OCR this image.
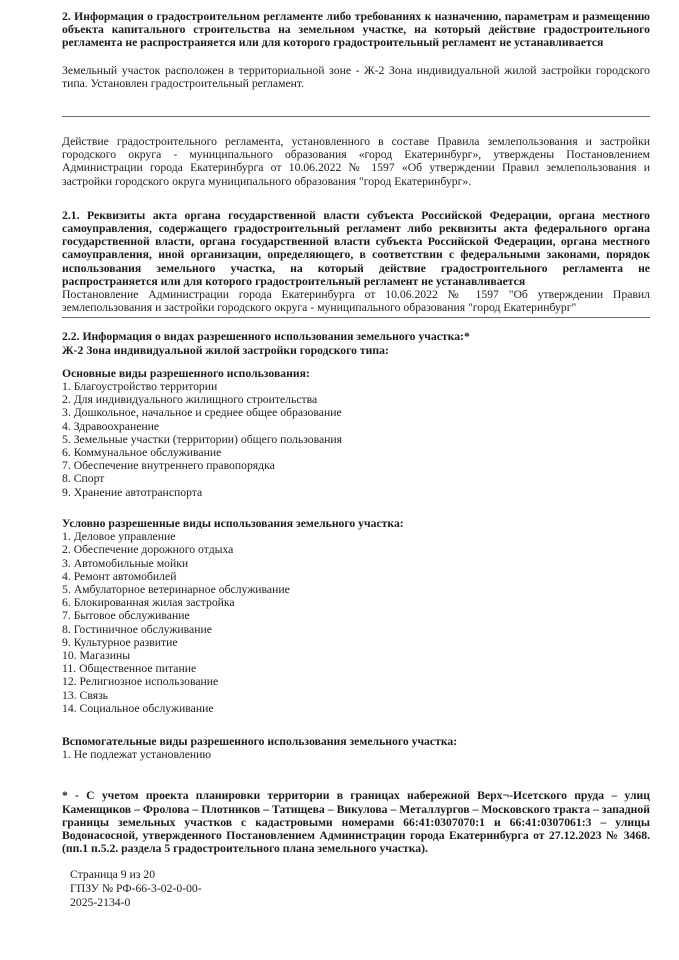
2. Информация о градостроительном регламенте либо требованиях к назначению, параметрам и размещению объекта капитального строительства на земельном участке, на который действие градостроительного регламента не распространяется или для которого градостроительный регламент не устанавливается

Земельный участок расположен в территориальной зоне - Ж-2 Зона индивидуальной жилой застройки городского типа. Установлен градостроительный регламент.

Действие градостроительного регламента, установленного в составе Правила землепользования и застройки городского округа - муниципального образования «город Екатеринбург», утверждены Постановлением Администрации города Екатеринбурга от 10.06.2022 № 1597 «Об утверждении Правил землепользования и застройки городского округа муниципального образования "город Екатеринбург».

2.1. Реквизиты акта органа государственной власти субъекта Российской Федерации, органа местного самоуправления, содержащего градостроительный регламент либо реквизиты акта федерального органа государственной власти, органа государственной власти субъекта Российской Федерации, органа местного самоуправления, иной организации, определяющего, в соответствии с федеральными законами, порядок использования земельного участка, на который действие градостроительного регламента не распространяется или для которого градостроительный регламент не устанавливается
Постановление Администрации города Екатеринбурга от 10.06.2022 № 1597 "Об утверждении Правил землепользования и застройки городского округа - муниципального образования "город Екатеринбург"

2.2. Информация о видах разрешенного использования земельного участка:*

Ж-2 Зона индивидуальной жилой застройки городского типа:

Основные виды разрешенного использования:

1. Благоустройство территории
2. Для индивидуального жилищного строительства
3. Дошкольное, начальное и среднее общее образование
4. Здравоохранение
5. Земельные участки (территории) общего пользования
6. Коммунальное обслуживание
7. Обеспечение внутреннего правопорядка
8. Спорт
9. Хранение автотранспорта

Условно разрешенные виды использования земельного участка:

1. Деловое управление
2. Обеспечение дорожного отдыха
3. Автомобильные мойки
4. Ремонт автомобилей
5. Амбулаторное ветеринарное обслуживание
6. Блокированная жилая застройка
7. Бытовое обслуживание
8. Гостиничное обслуживание
9. Культурное развитие
10. Магазины
11. Общественное питание
12. Религиозное использование
13. Связь
14. Социальное обслуживание

Вспомогательные виды разрешенного использования земельного участка:

1. Не подлежат установлению

* - С учетом проекта планировки территории в границах набережной Верх¬-Исетского пруда – улиц Каменщиков – Фролова – Плотников – Татищева – Викулова – Металлургов – Московского тракта – западной границы земельных участков с кадастровыми номерами 66:41:0307070:1 и 66:41:0307061:3 – улицы Водонасосной, утвержденного Постановлением Администрации города Екатеринбурга от 27.12.2023 № 3468. (пп.1 п.5.2. раздела 5 градостроительного плана земельного участка).

Страница 9 из 20
ГПЗУ № РФ-66-3-02-0-00-
2025-2134-0
